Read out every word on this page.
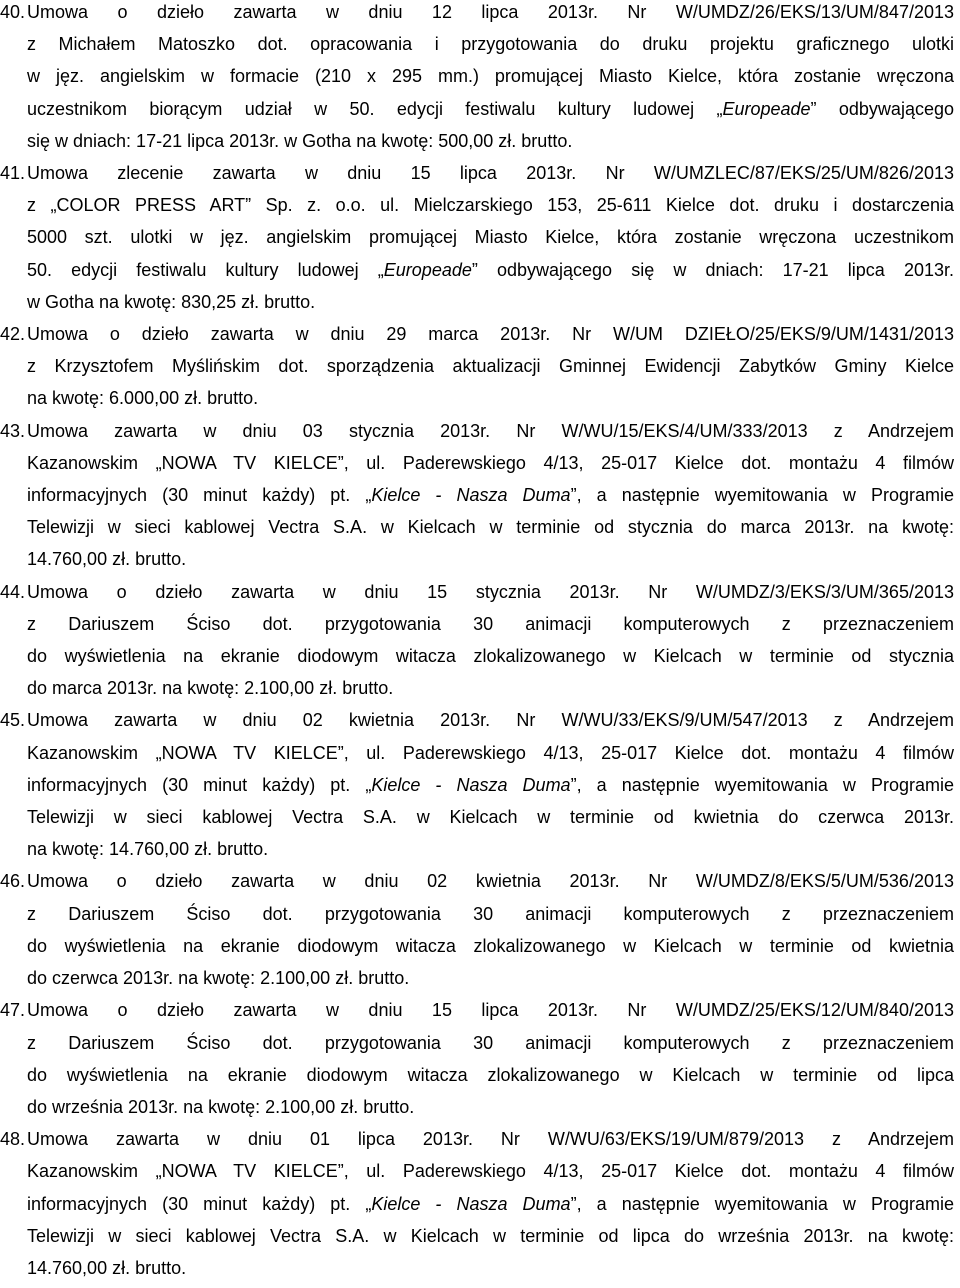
40. Umowa o dzieło zawarta w dniu 12 lipca 2013r. Nr W/UMDZ/26/EKS/13/UM/847/2013
z Michałem Matoszko dot. opracowania i przygotowania do druku projektu graficznego ulotki
w jęz. angielskim w formacie (210 x 295 mm.) promującej Miasto Kielce, która zostanie wręczona
uczestnikom biorącym udział w 50. edycji festiwalu kultury ludowej „Europeade” odbywającego
się w dniach: 17-21 lipca 2013r. w Gotha na kwotę: 500,00 zł. brutto.
41. Umowa zlecenie zawarta w dniu 15 lipca 2013r. Nr W/UMZLEC/87/EKS/25/UM/826/2013
z „COLOR PRESS ART” Sp. z. o.o. ul. Mielczarskiego 153, 25-611 Kielce dot. druku i dostarczenia
5000 szt. ulotki w jęz. angielskim promującej Miasto Kielce, która zostanie wręczona uczestnikom
50. edycji festiwalu kultury ludowej „Europeade” odbywającego się w dniach: 17-21 lipca 2013r.
w Gotha na kwotę: 830,25 zł. brutto.
42. Umowa o dzieło zawarta w dniu 29 marca 2013r. Nr W/UM DZIEŁO/25/EKS/9/UM/1431/2013
z Krzysztofem Myślińskim dot. sporządzenia aktualizacji Gminnej Ewidencji Zabytków Gminy Kielce
na kwotę: 6.000,00 zł. brutto.
43. Umowa zawarta w dniu 03 stycznia 2013r. Nr W/WU/15/EKS/4/UM/333/2013 z Andrzejem
Kazanowskim „NOWA TV KIELCE”, ul. Paderewskiego 4/13, 25-017 Kielce dot. montażu 4 filmów
informacyjnych (30 minut każdy) pt. „Kielce - Nasza Duma”, a następnie wyemitowania w Programie
Telewizji w sieci kablowej Vectra S.A. w Kielcach w terminie od stycznia do marca 2013r. na kwotę:
14.760,00 zł. brutto.
44. Umowa o dzieło zawarta w dniu 15 stycznia 2013r. Nr W/UMDZ/3/EKS/3/UM/365/2013
z Dariuszem Ściso dot. przygotowania 30 animacji komputerowych z przeznaczeniem
do wyświetlenia na ekranie diodowym witacza zlokalizowanego w Kielcach w terminie od stycznia
do marca 2013r. na kwotę: 2.100,00 zł. brutto.
45. Umowa zawarta w dniu 02 kwietnia 2013r. Nr W/WU/33/EKS/9/UM/547/2013 z Andrzejem
Kazanowskim „NOWA TV KIELCE”, ul. Paderewskiego 4/13, 25-017 Kielce dot. montażu 4 filmów
informacyjnych (30 minut każdy) pt. „Kielce - Nasza Duma”, a następnie wyemitowania w Programie
Telewizji w sieci kablowej Vectra S.A. w Kielcach w terminie od kwietnia do czerwca 2013r.
na kwotę: 14.760,00 zł. brutto.
46. Umowa o dzieło zawarta w dniu 02 kwietnia 2013r. Nr W/UMDZ/8/EKS/5/UM/536/2013
z Dariuszem Ściso dot. przygotowania 30 animacji komputerowych z przeznaczeniem
do wyświetlenia na ekranie diodowym witacza zlokalizowanego w Kielcach w terminie od kwietnia
do czerwca 2013r. na kwotę: 2.100,00 zł. brutto.
47. Umowa o dzieło zawarta w dniu 15 lipca 2013r. Nr W/UMDZ/25/EKS/12/UM/840/2013
z Dariuszem Ściso dot. przygotowania 30 animacji komputerowych z przeznaczeniem
do wyświetlenia na ekranie diodowym witacza zlokalizowanego w Kielcach w terminie od lipca
do września 2013r. na kwotę: 2.100,00 zł. brutto.
48. Umowa zawarta w dniu 01 lipca 2013r. Nr W/WU/63/EKS/19/UM/879/2013 z Andrzejem
Kazanowskim „NOWA TV KIELCE”, ul. Paderewskiego 4/13, 25-017 Kielce dot. montażu 4 filmów
informacyjnych (30 minut każdy) pt. „Kielce - Nasza Duma”, a następnie wyemitowania w Programie
Telewizji w sieci kablowej Vectra S.A. w Kielcach w terminie od lipca do września 2013r. na kwotę:
14.760,00 zł. brutto.
